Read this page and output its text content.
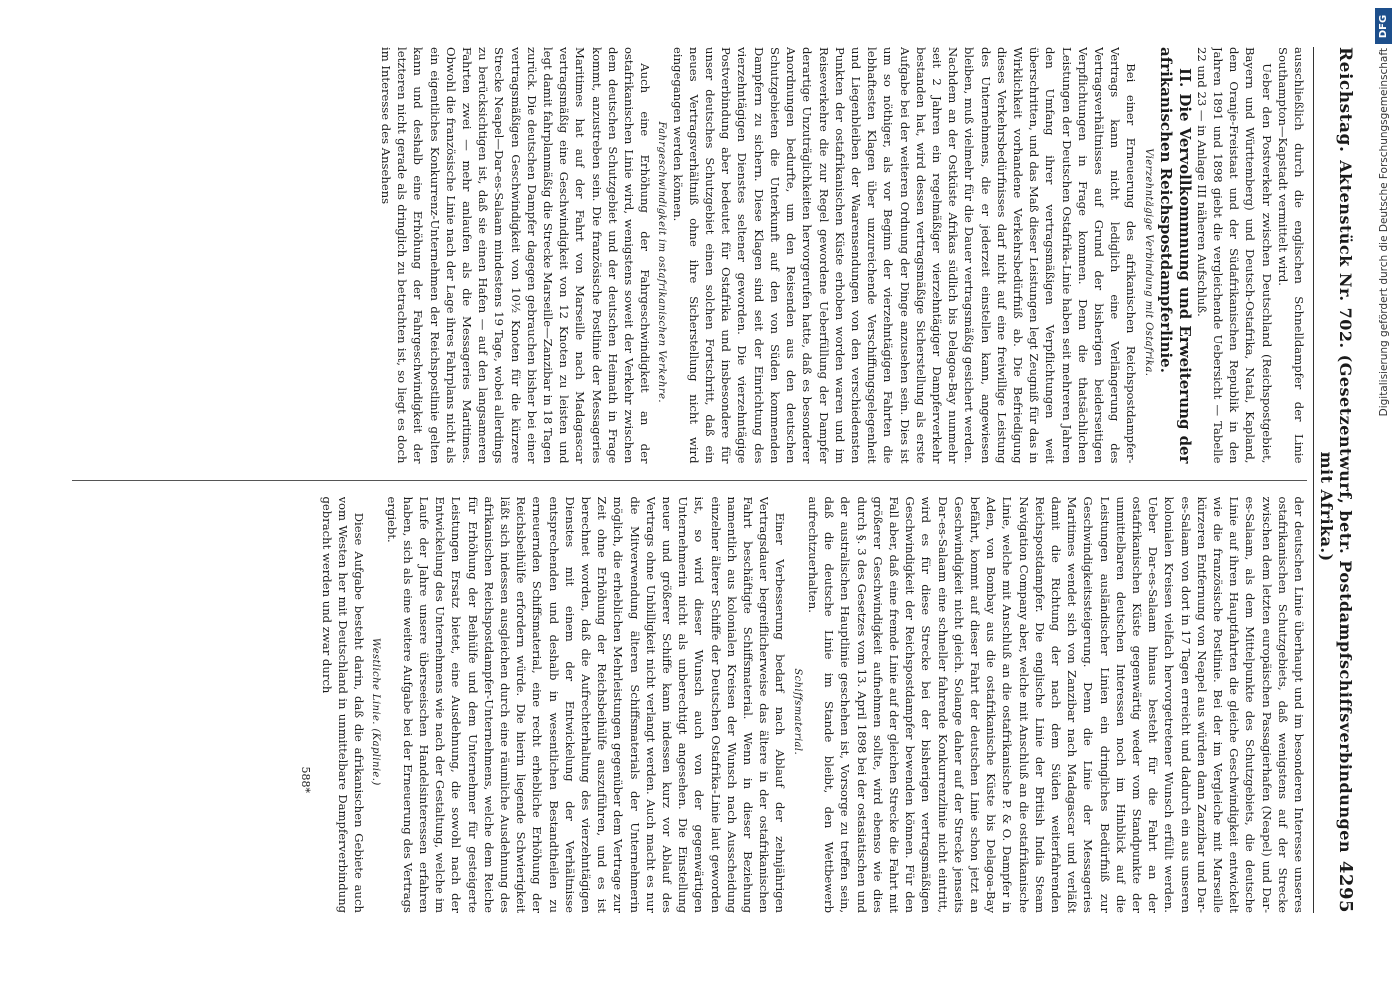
Reichstag.
Aktenstück Nr. 702. (Gesetzentwurf, betr. Postdampfschiffsverbindungen mit Afrika.)
4295

ausschließlich durch die englischen Schnelldampfer der Linie Southampton—Kapstadt vermittelt wird.

Ueber den Postverkehr zwischen Deutschland (Reichspostgebiet, Bayern und Württemberg) und Deutsch-Ostafrika, Natal, Kapland, dem Oranje-Freistaat und der Südafrikanischen Republik in den Jahren 1891 und 1898 giebt die vergleichende Uebersicht — Tabelle 22 und 23 — in Anlage III näheren Aufschluß.

II. Die Vervollkommnung und Erweiterung der afrikanischen Reichspostdampferlinie.

Vierzehntägige Verbindung mit Ostafrika.

Bei einer Erneuerung des afrikanischen Reichspostdampfer-Vertrags kann nicht lediglich eine Verlängerung des Vertragsverhältnisses auf Grund der bisherigen beiderseitigen Verpflichtungen in Frage kommen. Denn die thatsächlichen Leistungen der Deutschen Ostafrika-Linie haben seit mehreren Jahren den Umfang ihrer vertragsmäßigen Verpflichtungen weit überschritten, und das Maß dieser Leistungen legt Zeugniß für das in Wirklichkeit vorhandene Verkehrsbedürfniß ab. Die Befriedigung dieses Verkehrsbedürfnisses darf nicht auf eine freiwillige Leistung des Unternehmens, die er jederzeit einstellen kann, angewiesen bleiben, muß vielmehr für die Dauer vertragsmäßig gesichert werden. Nachdem an der Ostküste Afrikas südlich bis Delagoa-Bay nunmehr seit 2 Jahren ein regelmäßiger vierzehntägiger Dampferverkehr bestanden hat, wird dessen vertragsmäßige Sicherstellung als erste Aufgabe bei der weiteren Ordnung der Dinge anzusehen sein. Dies ist um so nöthiger, als vor Beginn der vierzehntägigen Fahrten die lebhaftesten Klagen über unzureichende Verschiffungsgelegenheit und Liegenbleiben der Waarensendungen von den verschiedensten Punkten der ostafrikanischen Küste erhoben worden waren und im Reiseverkehre die zur Regel gewordene Ueberfüllung der Dampfer derartige Unzuträglichkeiten hervorgerufen hatte, daß es besonderer Anordnungen bedurfte, um den Reisenden aus den deutschen Schutzgebieten die Unterkunft auf den von Süden kommenden Dampfern zu sichern. Diese Klagen sind seit der Einrichtung des vierzehntägigen Dienstes seltener geworden. Die vierzehntägige Postverbindung aber bedeutet für Ostafrika und insbesondere für unser deutsches Schutzgebiet einen solchen Fortschritt, daß ein neues Vertragsverhältniß ohne ihre Sicherstellung nicht wird eingegangen werden können.

Fahrgeschwindigkeit im ostafrikanischen Verkehre.

Auch eine Erhöhung der Fahrgeschwindigkeit an der ostafrikanischen Linie wird, wenigstens soweit der Verkehr zwischen dem deutschen Schutzgebiet und der deutschen Heimath in Frage kommt, anzustreben sein. Die französische Postlinie der Messageries Maritimes hat auf der Fahrt von Marseille nach Madagascar vertragsmäßig eine Geschwindigkeit von 12 Knoten zu leisten und legt damit fahrplanmäßig die Strecke Marseille—Zanzibar in 18 Tagen zurück. Die deutschen Dampfer dagegen gebrauchen bisher bei einer vertragsmäßigen Geschwindigkeit von 10½ Knoten für die kürzere Strecke Neapel—Dar-es-Salaam mindestens 19 Tage, wobei allerdings zu berücksichtigen ist, daß sie einen Hafen — auf den langsameren Fahrten zwei — mehr anlaufen als die Messageries Maritimes. Obwohl die französische Linie nach der Lage ihres Fahrplans nicht als ein eigentliches Konkurrenz-Unternehmen der Reichspostlinie gelten kann und deshalb eine Erhöhung der Fahrgeschwindigkeit der letzteren nicht gerade als dringlich zu betrachten ist, so liegt es doch im Interesse des Ansehens

der deutschen Linie überhaupt und im besonderen Interesse unseres ostafrikanischen Schutzgebiets, daß wenigstens auf der Strecke zwischen dem letzten europäischen Passagierhafen (Neapel) und Dar-es-Salaam, als dem Mittelpunkte des Schutzgebiets, die deutsche Linie auf ihren Hauptfahrten die gleiche Geschwindigkeit entwickelt wie die französische Postlinie. Bei der im Vergleiche mit Marseille kürzeren Entfernung von Neapel aus würden dann Zanzibar und Dar-es-Salaam von dort in 17 Tagen erreicht und dadurch ein aus unseren kolonialen Kreisen vielfach hervorgetretener Wunsch erfüllt werden. Ueber Dar-es-Salaam hinaus besteht für die Fahrt an der ostafrikanischen Küste gegenwärtig weder vom Standpunkte der unmittelbaren deutschen Interessen noch im Hinblick auf die Leistungen ausländischer Linien ein dringliches Bedürfniß zur Geschwindigkeitssteigerung. Denn die Linie der Messageries Maritimes wendet sich von Zanzibar nach Madagascar und verläßt damit die Richtung der nach dem Süden weiterfahrenden Reichspostdampfer. Die englische Linie der British India Steam Navigation Company aber, welche mit Anschluß an die ostafrikanische Linie, welche mit Anschluß an die ostafrikanische P. & O. Dampfer in Aden, von Bombay aus die ostafrikanische Küste bis Delagoa-Bay befährt, kommt auf dieser Fahrt der deutschen Linie schon jetzt an Geschwindigkeit nicht gleich. Solange daher auf der Strecke jenseits Dar-es-Salaam eine schneller fahrende Konkurrenzlinie nicht eintritt, wird es für diese Strecke bei der bisherigen vertragsmäßigen Geschwindigkeit der Reichspostdampfer bewenden können. Für den Fall aber, daß eine fremde Linie auf der gleichen Strecke die Fahrt mit größerer Geschwindigkeit aufnehmen sollte, wird ebenso wie dies durch §. 3 des Gesetzes vom 13. April 1898 bei der ostasiatischen und der australischen Hauptlinie geschehen ist, Vorsorge zu treffen sein, daß die deutsche Linie im Stande bleibt, den Wettbewerb aufrechtzuerhalten.

Schiffsmaterial.

Einer Verbesserung bedarf nach Ablauf der zehnjährigen Vertragsdauer begreiflicherweise das ältere in der ostafrikanischen Fahrt beschäftigte Schiffsmaterial. Wenn in dieser Beziehung namentlich aus kolonialen Kreisen der Wunsch nach Ausscheidung einzelner älterer Schiffe der Deutschen Ostafrika-Linie laut geworden ist, so wird dieser Wunsch auch von der gegenwärtigen Unternehmerin nicht als unberechtigt angesehen. Die Einstellung neuer und größerer Schiffe kann indessen kurz vor Ablauf des Vertrags ohne Unbilligkeit nicht verlangt werden. Auch macht es nur die Mitverwendung älteren Schiffsmaterials der Unternehmerin möglich, die erheblichen Mehrleistungen gegenüber dem Vertrage zur Zeit ohne Erhöhung der Reichsbeihülfe auszuführen, und es ist berechnet worden, daß die Aufrechterhaltung des vierzehntägigen Dienstes mit einem der Entwickelung der Verhältnisse entsprechenden und deshalb in wesentlichen Bestandtheilen zu erneuernden Schiffsmaterial, eine recht erhebliche Erhöhung der Reichsbeihülfe erfordern würde. Die hierin liegende Schwierigkeit läßt sich indessen ausgleichen durch eine räumliche Ausdehnung des afrikanischen Reichspostdampfer-Unternehmens, welche dem Reiche für Erhöhung der Beihülfe und dem Unternehmer für gesteigerte Leistungen Ersatz bietet, eine Ausdehnung, die sowohl nach der Entwickelung des Unternehmens wie nach der Gestaltung, welche im Laufe der Jahre unsere überseeischen Handelsinteressen erfahren haben, sich als eine weitere Aufgabe bei der Erneuerung des Vertrags ergiebt.

Westliche Linie. (Kaplinie.)

Diese Aufgabe besteht darin, daß die afrikanischen Gebiete auch vom Westen her mit Deutschland in unmittelbare Dampferverbindung gebracht werden und zwar durch

588*
DFG
Digitalisierung gefördert durch die Deutsche Forschungsgemeinschaft
